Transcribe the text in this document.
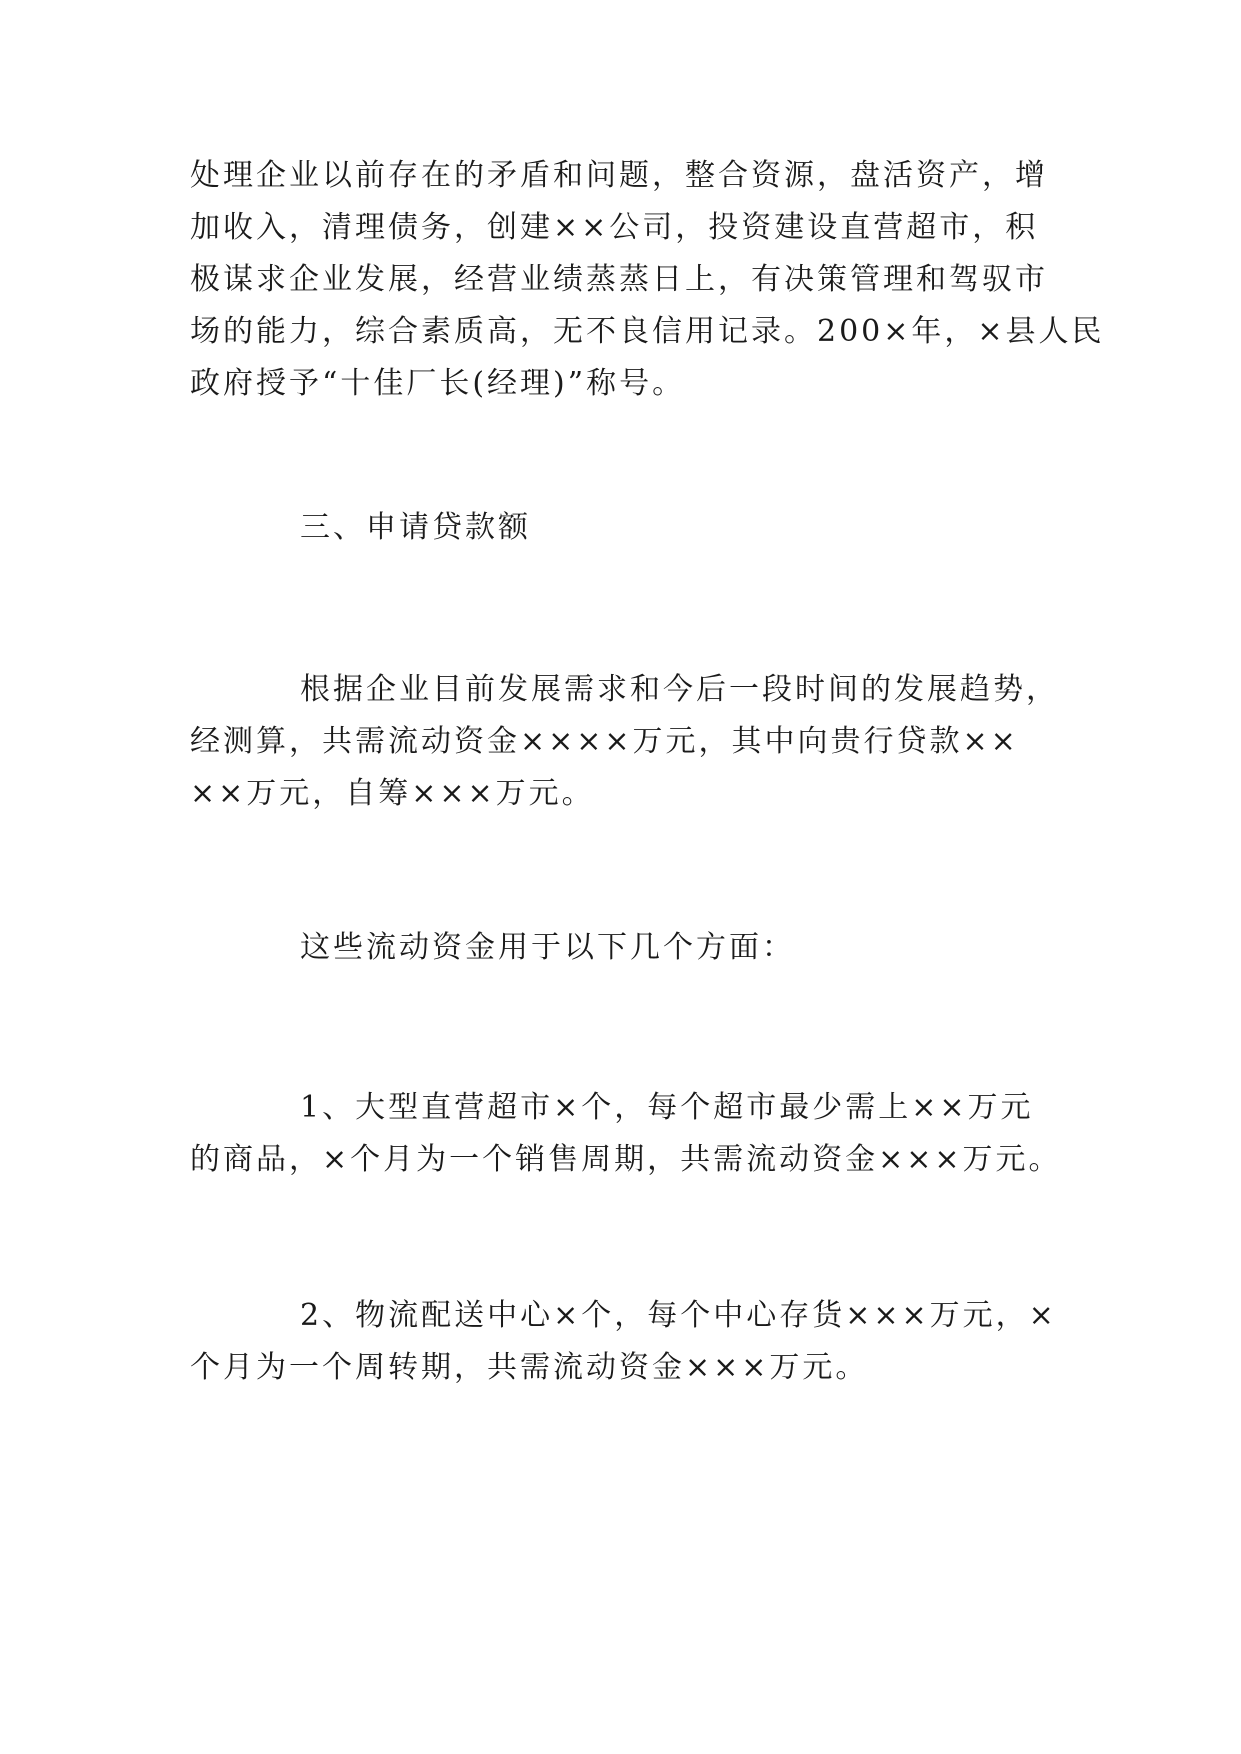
处理企业以前存在的矛盾和问题，整合资源，盘活资产，增
加收入，清理债务，创建××公司，投资建设直营超市，积
极谋求企业发展，经营业绩蒸蒸日上，有决策管理和驾驭市
场的能力，综合素质高，无不良信用记录。200×年，×县人民
政府授予“十佳厂长(经理)”称号。
三、申请贷款额
根据企业目前发展需求和今后一段时间的发展趋势，
经测算，共需流动资金××××万元，其中向贵行贷款××
××万元，自筹×××万元。
这些流动资金用于以下几个方面：
1、大型直营超市×个，每个超市最少需上××万元
的商品，×个月为一个销售周期，共需流动资金×××万元。
2、物流配送中心×个，每个中心存货×××万元，×
个月为一个周转期，共需流动资金×××万元。
